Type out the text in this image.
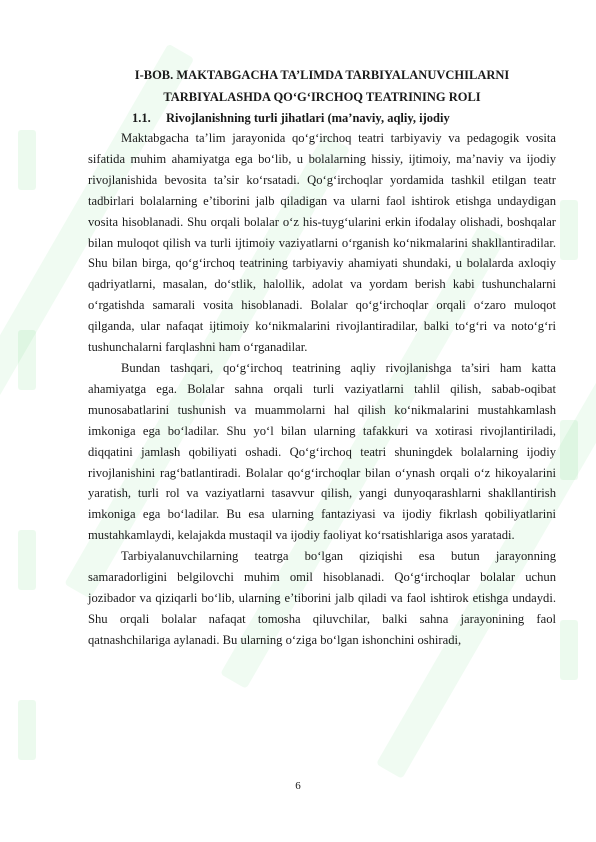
I-BOB. MAKTABGACHA TA’LIMDA TARBIYALANUVCHILARNI

TARBIYALASHDA QO‘G‘IRCHOQ TEATRINING ROLI

1.1. Rivojlanishning turli jihatlari (ma’naviy, aqliy, ijodiy

Maktabgacha ta’lim jarayonida qo‘g‘irchoq teatri tarbiyaviy va pedagogik vosita sifatida muhim ahamiyatga ega bo‘lib, u bolalarning hissiy, ijtimoiy, ma’naviy va ijodiy rivojlanishida bevosita ta’sir ko‘rsatadi. Qo‘g‘irchoqlar yordamida tashkil etilgan teatr tadbirlari bolalarning e’tiborini jalb qiladigan va ularni faol ishtirok etishga undaydigan vosita hisoblanadi. Shu orqali bolalar o‘z his-tuyg‘ularini erkin ifodalay olishadi, boshqalar bilan muloqot qilish va turli ijtimoiy vaziyatlarni o‘rganish ko‘nikmalarini shakllantiradilar. Shu bilan birga, qo‘g‘irchoq teatrining tarbiyaviy ahamiyati shundaki, u bolalarda axloqiy qadriyatlarni, masalan, do‘stlik, halollik, adolat va yordam berish kabi tushunchalarni o‘rgatishda samarali vosita hisoblanadi. Bolalar qo‘g‘irchoqlar orqali o‘zaro muloqot qilganda, ular nafaqat ijtimoiy ko‘nikmalarini rivojlantiradilar, balki to‘g‘ri va noto‘g‘ri tushunchalarni farqlashni ham o‘rganadilar.

Bundan tashqari, qo‘g‘irchoq teatrining aqliy rivojlanishga ta’siri ham katta ahamiyatga ega. Bolalar sahna orqali turli vaziyatlarni tahlil qilish, sabab-oqibat munosabatlarini tushunish va muammolarni hal qilish ko‘nikmalarini mustahkamlash imkoniga ega bo‘ladilar. Shu yo‘l bilan ularning tafakkuri va xotirasi rivojlantiriladi, diqqatini jamlash qobiliyati oshadi. Qo‘g‘irchoq teatri shuningdek bolalarning ijodiy rivojlanishini rag‘batlantiradi. Bolalar qo‘g‘irchoqlar bilan o‘ynash orqali o‘z hikoyalarini yaratish, turli rol va vaziyatlarni tasavvur qilish, yangi dunyoqarashlarni shakllantirish imkoniga ega bo‘ladilar. Bu esa ularning fantaziyasi va ijodiy fikrlash qobiliyatlarini mustahkamlaydi, kelajakda mustaqil va ijodiy faoliyat ko‘rsatishlariga asos yaratadi.

Tarbiyalanuvchilarning teatrga bo‘lgan qiziqishi esa butun jarayonning samaradorligini belgilovchi muhim omil hisoblanadi. Qo‘g‘irchoqlar bolalar uchun jozibador va qiziqarli bo‘lib, ularning e’tiborini jalb qiladi va faol ishtirok etishga undaydi. Shu orqali bolalar nafaqat tomosha qiluvchilar, balki sahna jarayonining faol qatnashchilariga aylanadi. Bu ularning o‘ziga bo‘lgan ishonchini oshiradi,

6
